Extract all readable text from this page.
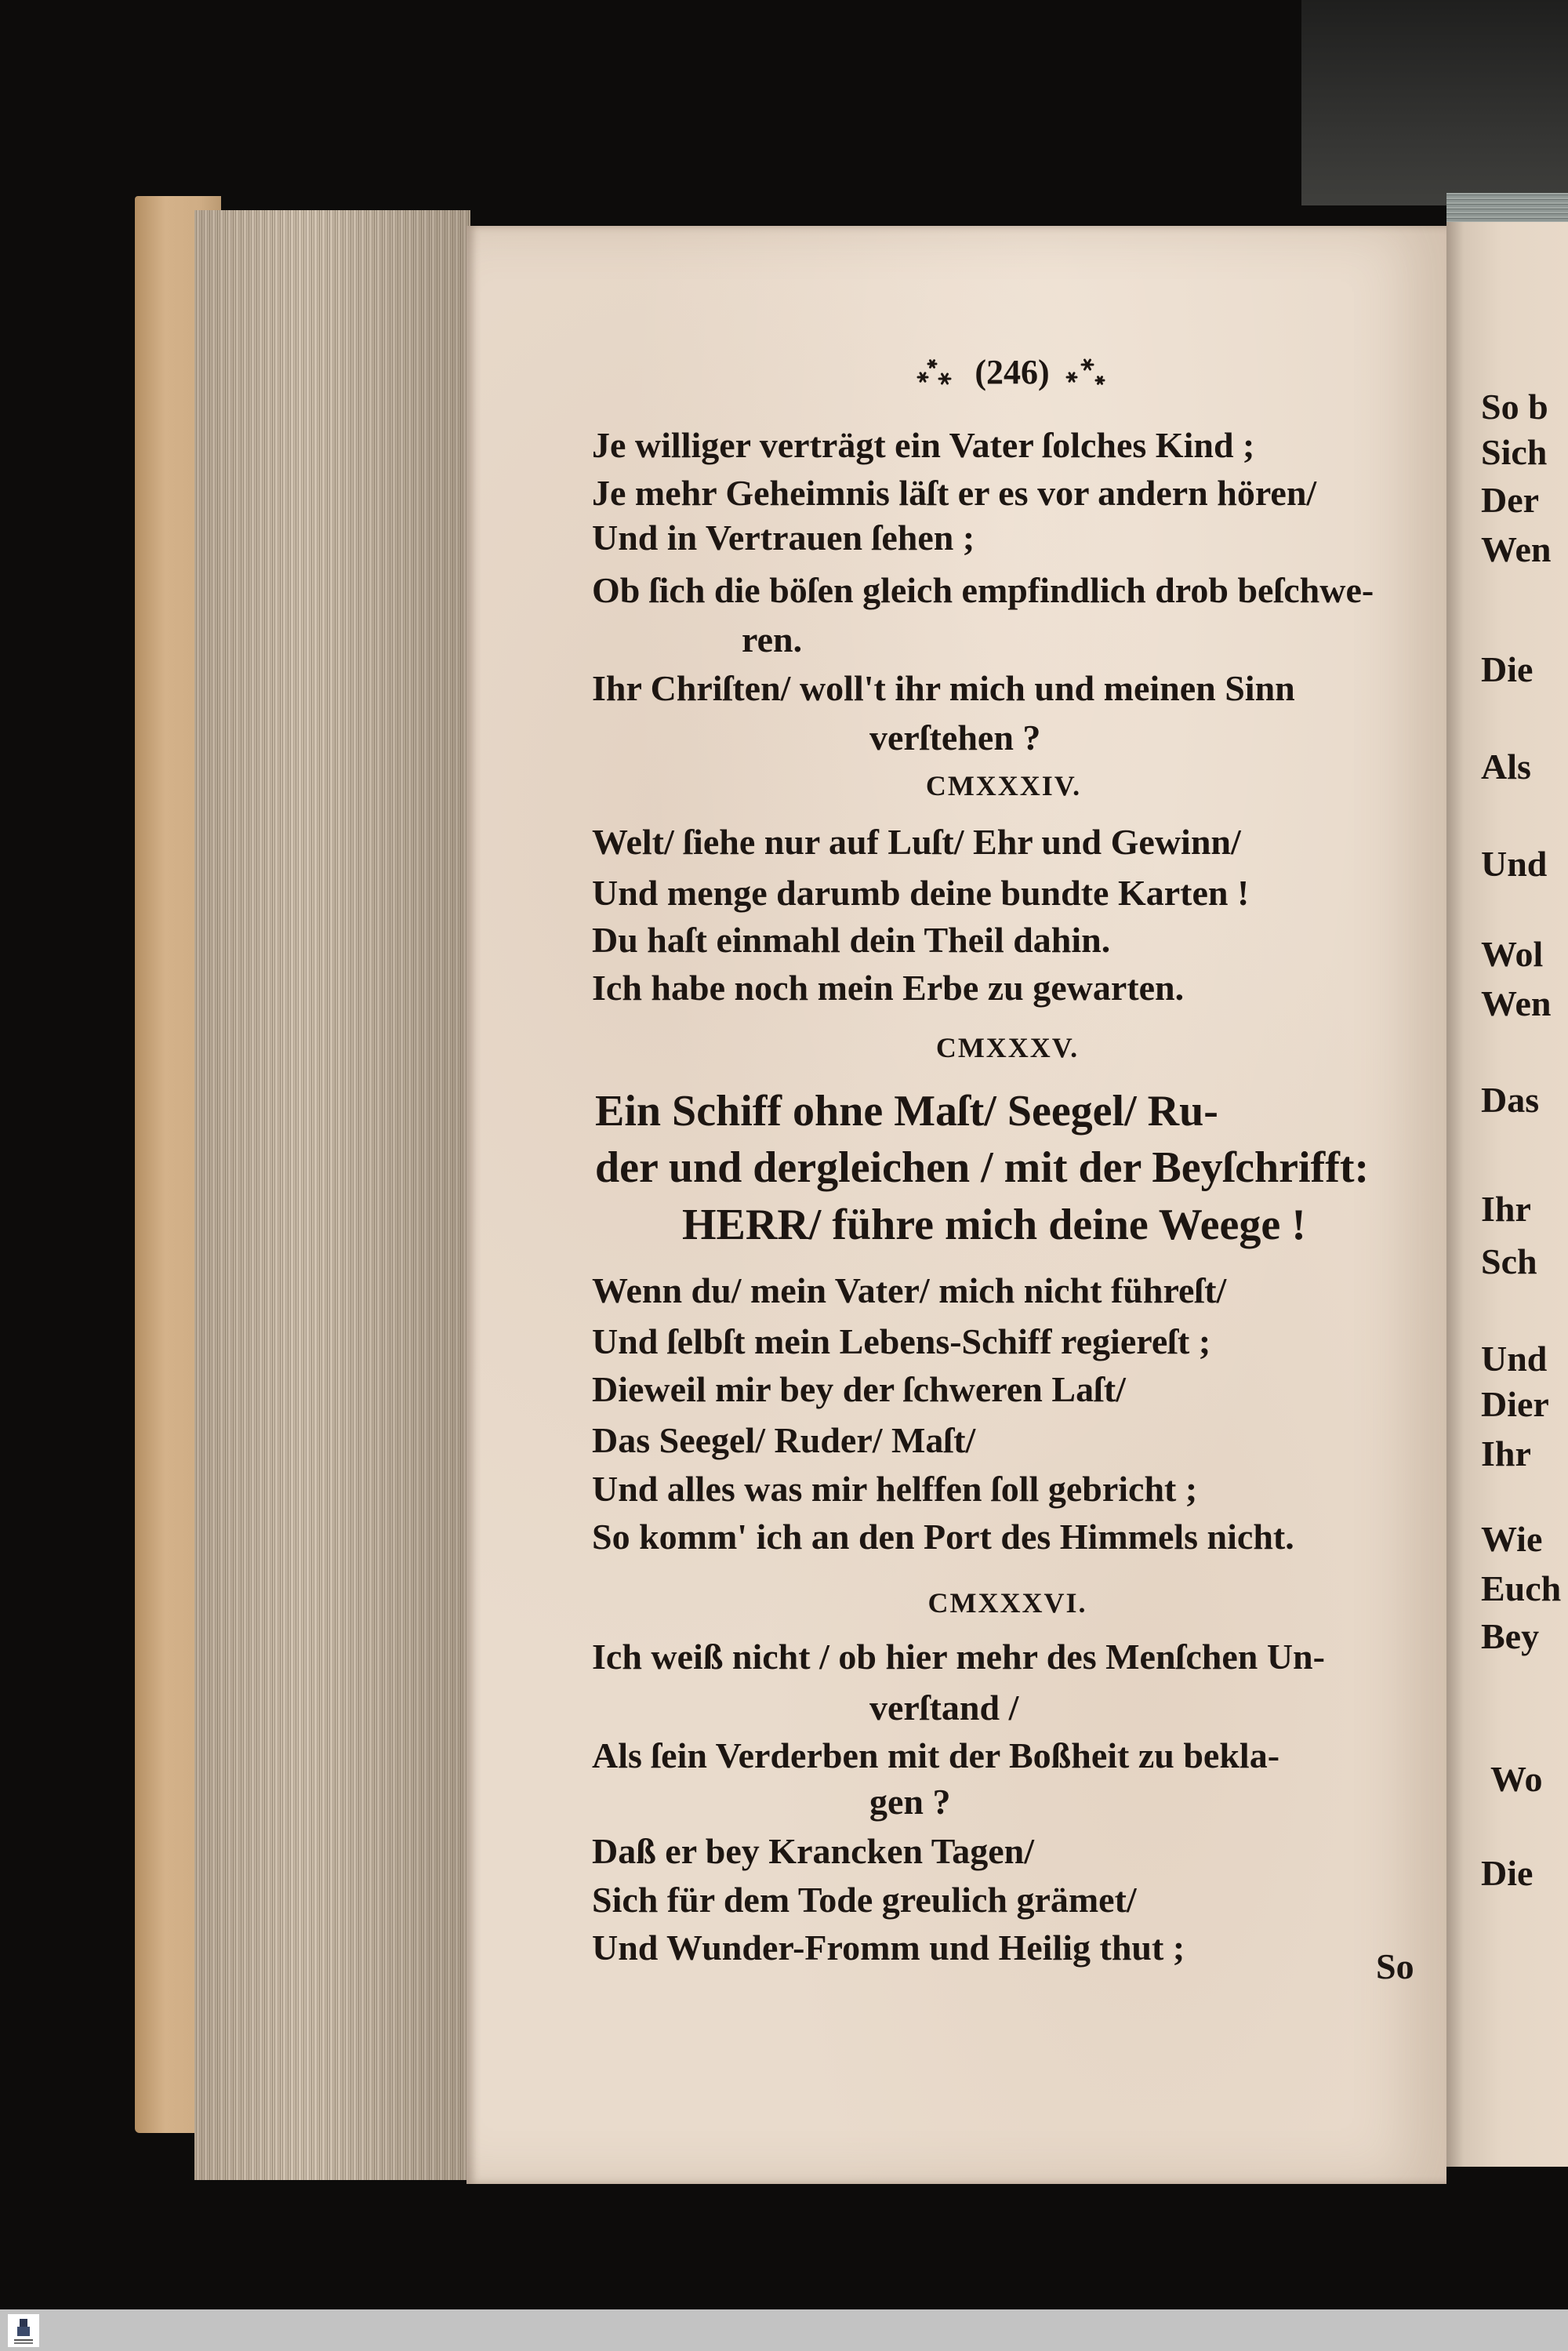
(246)
Je williger verträgt ein Vater ſolches Kind ;
Je mehr Geheimnis läſt er es vor andern hören/
Und in Vertrauen ſehen ;
Ob ſich die böſen gleich empfindlich drob beſchwe-
ren.
Ihr Chriſten/ woll't ihr mich und meinen Sinn
verſtehen ?
CMXXXIV.
Welt/ ſiehe nur auf Luſt/ Ehr und Gewinn/
Und menge darumb deine bundte Karten !
Du haſt einmahl dein Theil dahin.
Ich habe noch mein Erbe zu gewarten.
CMXXXV.
Ein Schiff ohne Maſt/ Seegel/ Ru-
der und dergleichen / mit der Beyſchrifft:
HERR/ führe mich deine Weege !
Wenn du/ mein Vater/ mich nicht führeſt/
Und ſelbſt mein Lebens-Schiff regiereſt ;
Dieweil mir bey der ſchweren Laſt/
Das Seegel/ Ruder/ Maſt/
Und alles was mir helffen ſoll gebricht ;
So komm' ich an den Port des Himmels nicht.
CMXXXVI.
Ich weiß nicht / ob hier mehr des Menſchen Un-
verſtand /
Als ſein Verderben mit der Boßheit zu bekla-
gen ?
Daß er bey Krancken Tagen/
Sich für dem Tode greulich grämet/
Und Wunder-Fromm und Heilig thut ;	So
So b
Sich
Der
Wen
Die
Als
Und
Wol
Wen
Das
Ihr
Sch
Und
Dier
Ihr
Wie
Euch
Bey
Wo
Die
